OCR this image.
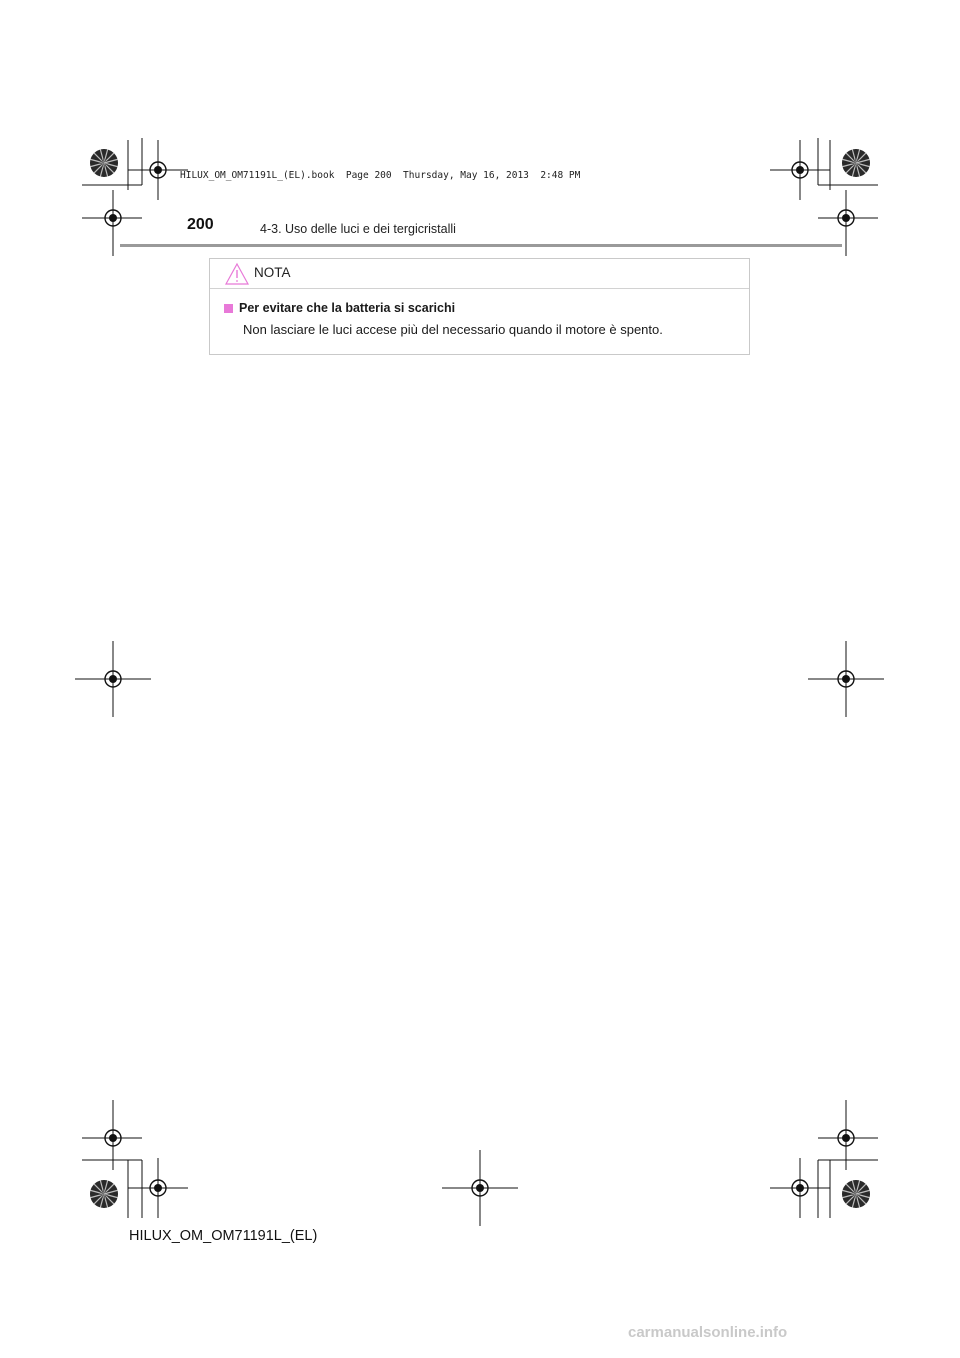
HILUX_OM_OM71191L_(EL).book  Page 200  Thursday, May 16, 2013  2:48 PM
200	4-3. Uso delle luci e dei tergicristalli
NOTA
Per evitare che la batteria si scarichi
Non lasciare le luci accese più del necessario quando il motore è spento.
HILUX_OM_OM71191L_(EL)
carmanualsonline.info
